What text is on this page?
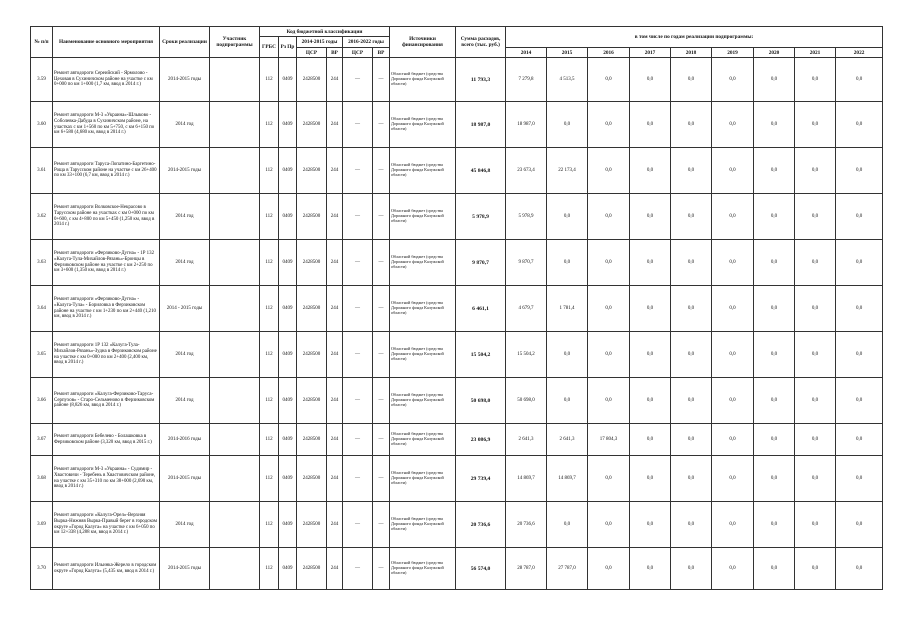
№ п/п	Наименование основного мероприятия	Сроки реализации	Участник подпрограммы	Код бюджетной классификации						Источники финансирования	Сумма расходов, всего (тыс. руб.)	в том числе по годам реализации подпрограммы:								
				ГРБС	Рз Пр	2014-2015 годы		2016-2022 годы												
						ЦСР	ВР	ЦСР	ВР			2014	2015	2016	2017	2018	2019	2020	2021	2022
3.59	Ремонт автодороги Сереийский - Ярмолово - Цеховая в Сухиничском районе на участке с км 0+000 по км 1+000 (1,7 км, ввод в 2014 г.)	2014-2015 годы		112	0409	2428500	244	—	—	Областной бюджет (средства Дорожного фонда Калужской области)	11 793,3	7 279,8	4 513,5	0,0	0,0	0,0	0,0	0,0	0,0	0,0
3.60	Ремонт автодороги М-3 «Украина»-Шлыково - Соболевка-Дабуда в Сухиничском районе, на участках с км 1+560 по км 5+750, с км 6+150 по км 6+580 (4,680 км, ввод в 2014 г.)	2014 год		112	0409	2428500	244	—	—	Областной бюджет (средства Дорожного фонда Калужской области)	18 987,0	18 987,0	0,0	0,0	0,0	0,0	0,0	0,0	0,0	0,0
3.61	Ремонт автодороги Таруса-Лопатино-Баргетино-Роща в Тарусском районе на участке с км 26+400 по км 33+100 (6,7 км, ввод в 2014 г.)	2014-2015 годы		112	0409	2428500	244	—	—	Областной бюджет (средства Дорожного фонда Калужской области)	45 846,8	23 673,4	22 173,4	0,0	0,0	0,0	0,0	0,0	0,0	0,0
3.62	Ремонт автодороги Волковское-Некрасово в Тарусском районе на участках с км 0+000 по км 0+600, с км 4+800 по км 5+450 (1,250 км, ввод в 2014 г.)	2014 год		112	0409	2428500	244	—	—	Областной бюджет (средства Дорожного фонда Калужской области)	5 978,9	5 978,9	0,0	0,0	0,0	0,0	0,0	0,0	0,0	0,0
3.63	Ремонт автодороги «Ферзиково-Дугна» - 1Р 132 «Калуга-Тула-Михайлов-Рязань»-Бронцы в Ферзиковском районе на участке с км 2+250 по км 3+600 (1,350 км, ввод в 2014 г.)	2014 год		112	0409	2428500	244	—	—	Областной бюджет (средства Дорожного фонда Калужской области)	9 870,7	9 870,7	0,0	0,0	0,0	0,0	0,0	0,0	0,0	0,0
3.64	Ремонт автодороги «Ферзиково-Дугна» - «Калуга-Тула» - Бориловка в Ферзиковском районе на участке с км 1+230 по км 2+440 (1,210 км, ввод в 2014 г.)	2014 - 2015 годы		112	0409	2428500	244	—	—	Областной бюджет (средства Дорожного фонда Калужской области)	6 461,1	4 679,7	1 781,4	0,0	0,0	0,0	0,0	0,0	0,0	0,0
3.65	Ремонт автодороги 1Р 132 «Калуга-Тула-Михайлов-Рязань»-Зудна в Ферзиковском районе на участке с км 0+000 по км 2+400 (2,400 км, ввод в 2014 г.)	2014 год		112	0409	2428500	244	—	—	Областной бюджет (средства Дорожного фонда Калужской области)	15 504,2	15 504,2	0,0	0,0	0,0	0,0	0,0	0,0	0,0	0,0
3.66	Ремонт автодороги «Калуга-Ферзиково-Таруса-Серпухов» - Старо-Сельменово в Ферзиковском районе (8,826 км, ввод в 2014 г.)	2014 год		112	0409	2428500	244	—	—	Областной бюджет (средства Дорожного фонда Калужской области)	50 698,0	50 698,0	0,0	0,0	0,0	0,0	0,0	0,0	0,0	0,0
3.67	Ремонт автодороги Бебелево - Болашковка в Ферзиковском районе (3,320 км, ввод в 2015 г.)	2014-2016 годы		112	0409	2428500	244	—	—	Областной бюджет (средства Дорожного фонда Калужской области)	23 086,9	2 641,3	2 641,3	17 804,3	0,0	0,0	0,0	0,0	0,0	0,0
3.68	Ремонт автодороги М-3 «Украина» - Судимир - Хвастовичи - Теребень в Хвастовичском районе, на участке с км 35+310 по км 38+000 (2,690 км, ввод в 2014 г.)	2014-2015 годы		112	0409	2428500	244	—	—	Областной бюджет (средства Дорожного фонда Калужской области)	29 739,4	14 869,7	14 869,7	0,0	0,0	0,0	0,0	0,0	0,0	0,0
3.69	Ремонт автодороги «Калуга-Орел»-Верхняя Вырка-Нижняя Вырка-Правый берег в городском округе «Город Калуга» на участке с км 6+050 по км 12+338 (4,288 км, ввод в 2014 г.)	2014 год		112	0409	2428500	244	—	—	Областной бюджет (средства Дорожного фонда Калужской области)	20 736,6	20 736,6	0,0	0,0	0,0	0,0	0,0	0,0	0,0	0,0
3.70	Ремонт автодороги Ильинка-Жерело в городском округе «Город Калуга» (5,435 км, ввод в 2014 г.)	2014-2015 годы		112	0409	2428500	244	—	—	Областной бюджет (средства Дорожного фонда Калужской области)	56 574,0	28 787,0	27 787,0	0,0	0,0	0,0	0,0	0,0	0,0	0,0
